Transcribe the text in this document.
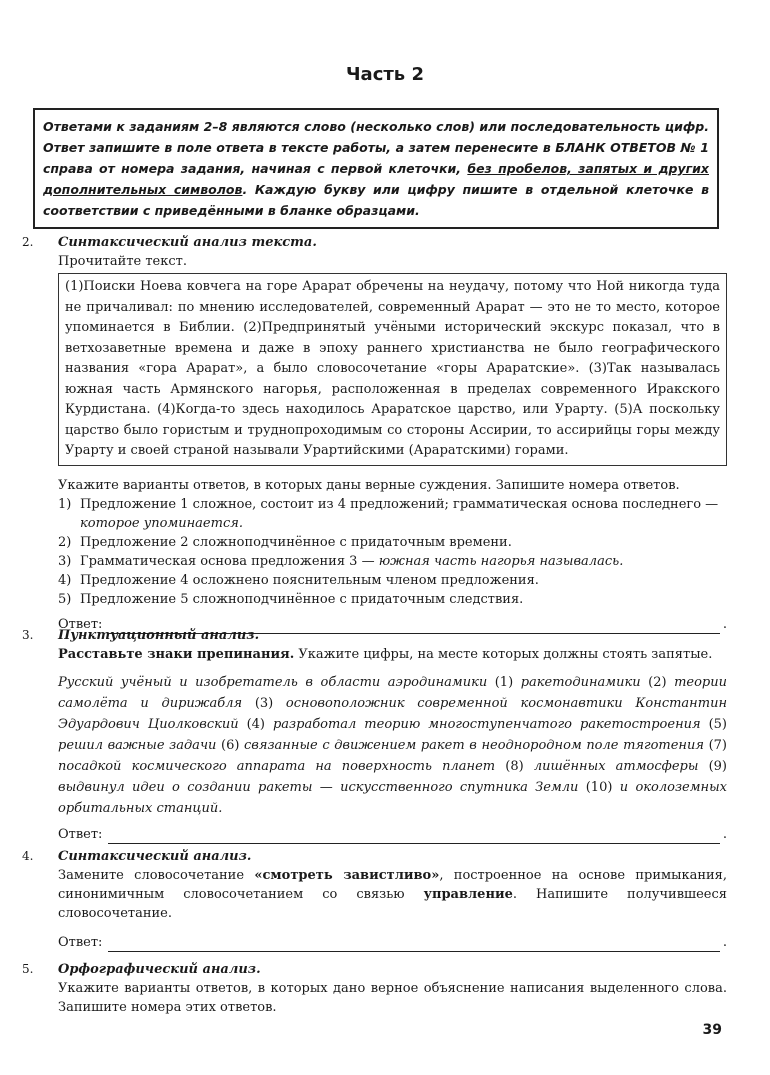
Часть 2
Ответами к заданиям 2–8 являются слово (несколько слов) или последовательность цифр. Ответ запишите в поле ответа в тексте работы, а затем перенесите в БЛАНК ОТВЕТОВ № 1 справа от номера задания, начиная с первой клеточки, без пробелов, запятых и других дополнительных символов. Каждую букву или цифру пишите в отдельной клеточке в соответствии с приведёнными в бланке образцами.
2. Синтаксический анализ текста.
Прочитайте текст.
(1)Поиски Ноева ковчега на горе Арарат обречены на неудачу, потому что Ной никогда туда не причаливал: по мнению исследователей, современный Арарат — это не то место, которое упоминается в Библии. (2)Предпринятый учёными исторический экскурс показал, что в ветхозаветные времена и даже в эпоху раннего христианства не было географического названия «гора Арарат», а было словосочетание «горы Араратские». (3)Так называлась южная часть Армянского нагорья, расположенная в пределах современного Иракского Курдистана. (4)Когда-то здесь находилось Араратское царство, или Урарту. (5)А поскольку царство было гористым и труднопроходимым со стороны Ассирии, то ассирийцы горы между Урарту и своей страной называли Урартийскими (Араратскими) горами.
Укажите варианты ответов, в которых даны верные суждения. Запишите номера ответов.
1) Предложение 1 сложное, состоит из 4 предложений; грамматическая основа последнего — которое упоминается.
2) Предложение 2 сложноподчинённое с придаточным времени.
3) Грамматическая основа предложения 3 — южная часть нагорья называлась.
4) Предложение 4 осложнено пояснительным членом предложения.
5) Предложение 5 сложноподчинённое с придаточным следствия.
Ответ:	.
3. Пунктуационный анализ.
Расставьте знаки препинания. Укажите цифры, на месте которых должны стоять запятые.
Русский учёный и изобретатель в области аэродинамики (1) ракетодинамики (2) теории самолёта и дирижабля (3) основоположник современной космонавтики Константин Эдуардович Циолковский (4) разработал теорию многоступенчатого ракетостроения (5) решил важные задачи (6) связанные с движением ракет в неоднородном поле тяготения (7) посадкой космического аппарата на поверхность планет (8) лишённых атмосферы (9) выдвинул идеи о создании ракеты — искусственного спутника Земли (10) и околоземных орбитальных станций.
Ответ:	.
4. Синтаксический анализ.
Замените словосочетание «смотреть завистливо», построенное на основе примыкания, синонимичным словосочетанием со связью управление. Напишите получившееся словосочетание.
Ответ:	.
5. Орфографический анализ.
Укажите варианты ответов, в которых дано верное объяснение написания выделенного слова. Запишите номера этих ответов.
39
